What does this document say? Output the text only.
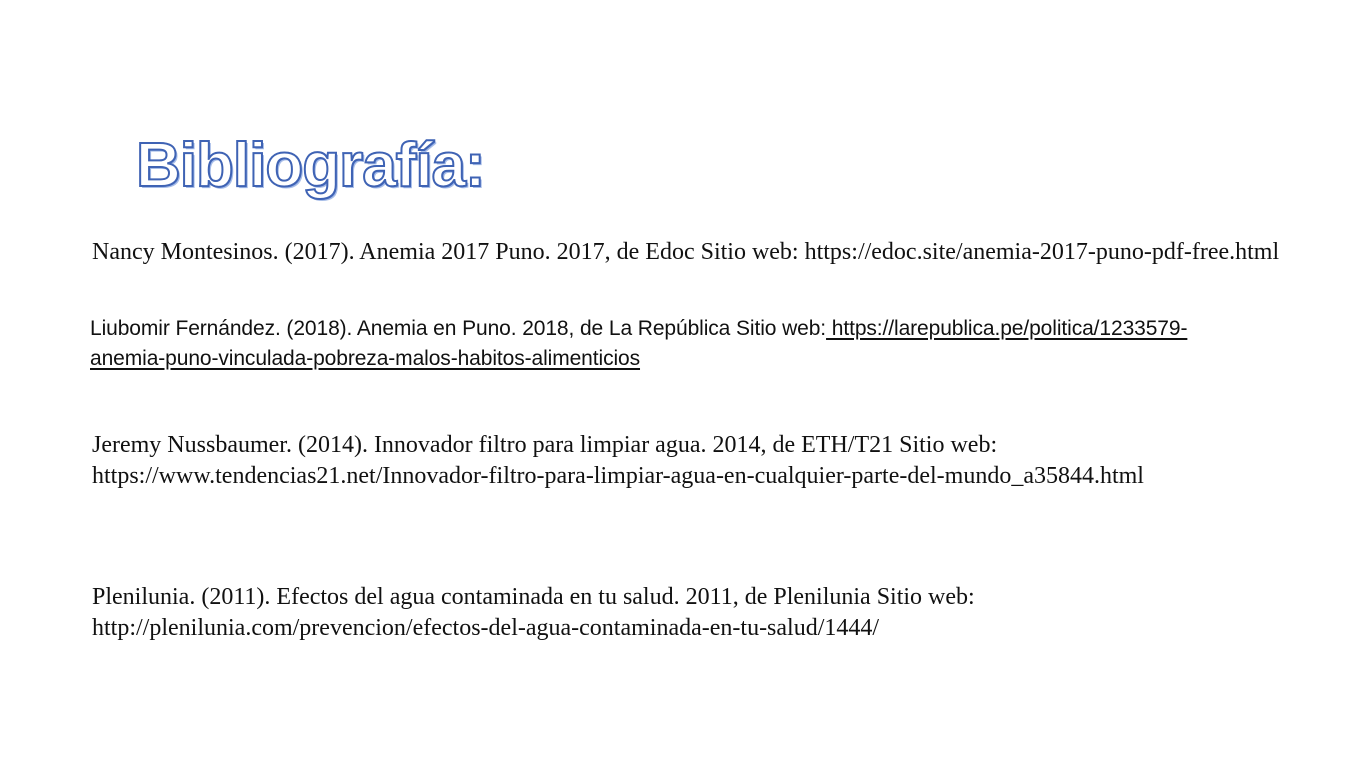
Bibliografía:

Nancy Montesinos. (2017). Anemia 2017 Puno. 2017, de Edoc Sitio web: https://edoc.site/anemia-2017-puno-pdf-free.html

Liubomir Fernández. (2018). Anemia en Puno. 2018, de La República Sitio web: https://larepublica.pe/politica/1233579-
anemia-puno-vinculada-pobreza-malos-habitos-alimenticios

Jeremy Nussbaumer. (2014). Innovador filtro para limpiar agua. 2014, de ETH/T21 Sitio web:
https://www.tendencias21.net/Innovador-filtro-para-limpiar-agua-en-cualquier-parte-del-mundo_a35844.html

Plenilunia. (2011). Efectos del agua contaminada en tu salud. 2011, de Plenilunia Sitio web:
http://plenilunia.com/prevencion/efectos-del-agua-contaminada-en-tu-salud/1444/
